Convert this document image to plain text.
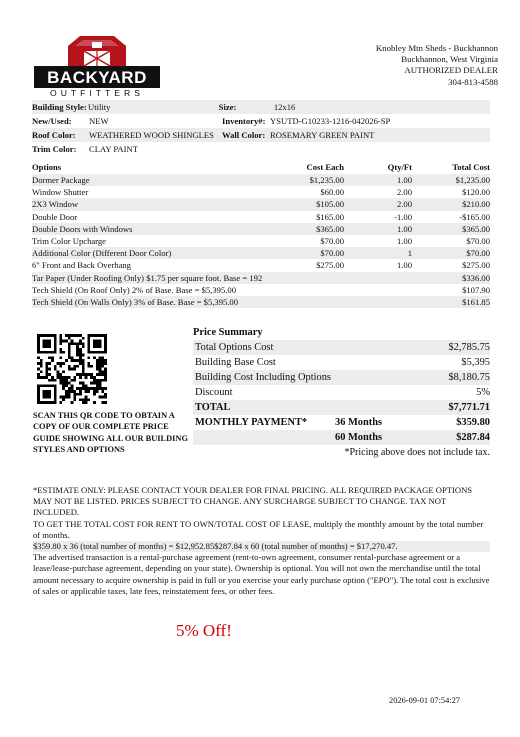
BACKYARD
OUTFITTERS
Knobley Mtn Sheds - Buckhannon
Buckhannon, West Virginia
AUTHORIZED DEALER
304-813-4588
Building Style: Utility	Size:	12x16
New/Used:	NEW	Inventory#: YSUTD-G10233-1216-042026-SP
Roof Color:	WEATHERED WOOD SHINGLES Wall Color: ROSEMARY GREEN PAINT
Trim Color:	CLAY PAINT
Options	Cost Each	Qty/Ft	Total Cost
Dormer Package	$1,235.00	1.00	$1,235.00
Window Shutter	$60.00	2.00	$120.00
2X3 Window	$105.00	2.00	$210.00
Double Door	$165.00	-1.00	-$165.00
Double Doors with Windows	$365.00	1.00	$365.00
Trim Color Upcharge	$70.00	1.00	$70.00
Additional Color (Different Door Color)	$70.00	1	$70.00
6" Front and Back Overhang	$275.00	1.00	$275.00
Tar Paper (Under Roofing Only) $1.75 per square foot. Base = 192	$336.00
Tech Shield (On Roof Only) 2% of Base. Base = $5,395.00	$107.90
Tech Shield (On Walls Only) 3% of Base. Base = $5,395.00	$161.85
SCAN THIS QR CODE TO OBTAIN A COPY OF OUR COMPLETE PRICE GUIDE SHOWING ALL OUR BUILDING STYLES AND OPTIONS
Price Summary
Total Options Cost	$2,785.75
Building Base Cost	$5,395
Building Cost Including Options	$8,180.75
Discount	5%
TOTAL	$7,771.71
MONTHLY PAYMENT*	36 Months	$359.80
60 Months	$287.84
*Pricing above does not include tax.

*ESTIMATE ONLY: PLEASE CONTACT YOUR DEALER FOR FINAL PRICING. ALL REQUIRED PACKAGE OPTIONS MAY NOT BE LISTED. PRICES SUBJECT TO CHANGE. ANY SURCHARGE SUBJECT TO CHANGE. TAX NOT INCLUDED.

TO GET THE TOTAL COST FOR RENT TO OWN/TOTAL COST OF LEASE, multiply the monthly amount by the total number of months.

$359.80 x 36 (total number of months) = $12,952.85$287.84 x 60 (total number of months) = $17,270.47.

The advertised transaction is a rental-purchase agreement (rent-to-own agreement, consumer rental-purchase agreement or a lease/lease-purchase agreement, depending on your state). Ownership is optional. You will not own the merchandise until the total amount necessary to acquire ownership is paid in full or you exercise your early purchase option ("EPO"). The total cost is exclusive of sales or applicable taxes, late fees, reinstatement fees, or other fees.

5% Off!
2026-09-01 07:54:27
